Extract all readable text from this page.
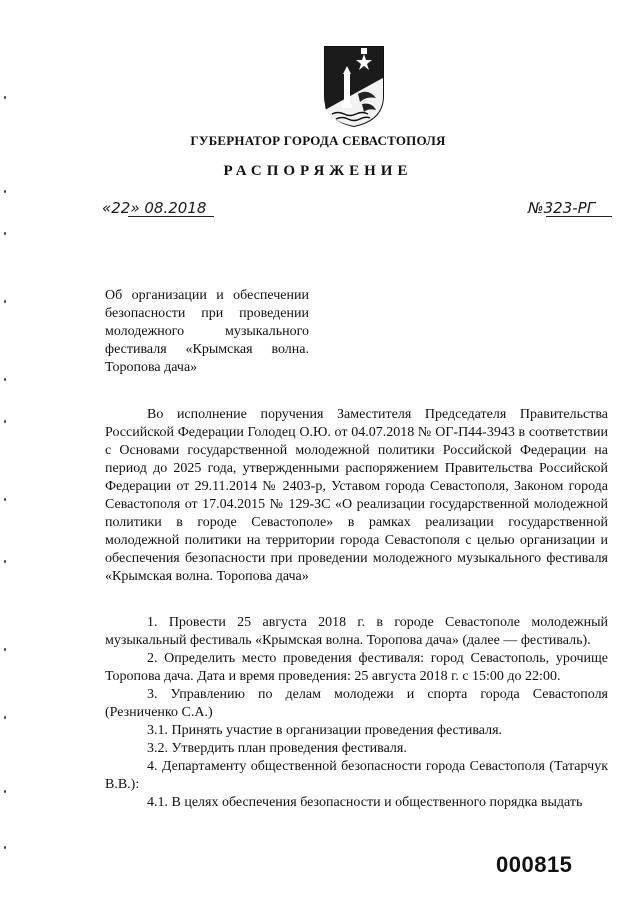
ГУБЕРНАТОР ГОРОДА СЕВАСТОПОЛЯ
РАСПОРЯЖЕНИЕ
«22» 08.2018	№323-РГ
Об организации и обеспечении безопасности при проведении молодежного музыкального фестиваля «Крымская волна. Торопова дача»

Во исполнение поручения Заместителя Председателя Правительства Российской Федерации Голодец О.Ю. от 04.07.2018 № ОГ-П44-3943 в соответствии с Основами государственной молодежной политики Российской Федерации на период до 2025 года, утвержденными распоряжением Правительства Российской Федерации от 29.11.2014 № 2403-р, Уставом города Севастополя, Законом города Севастополя от 17.04.2015 № 129-ЗС «О реализации государственной молодежной политики в городе Севастополе» в рамках реализации государственной молодежной политики на территории города Севастополя с целью организации и обеспечения безопасности при проведении молодежного музыкального фестиваля «Крымская волна. Торопова дача»

1. Провести 25 августа 2018 г. в городе Севастополе молодежный музыкальный фестиваль «Крымская волна. Торопова дача» (далее — фестиваль).

2. Определить место проведения фестиваля: город Севастополь, урочище Торопова дача. Дата и время проведения: 25 августа 2018 г. с 15:00 до 22:00.

3. Управлению по делам молодежи и спорта города Севастополя (Резниченко С.А.)

3.1. Принять участие в организации проведения фестиваля.

3.2. Утвердить план проведения фестиваля.

4. Департаменту общественной безопасности города Севастополя (Татарчук В.В.):

4.1. В целях обеспечения безопасности и общественного порядка выдать

000815
